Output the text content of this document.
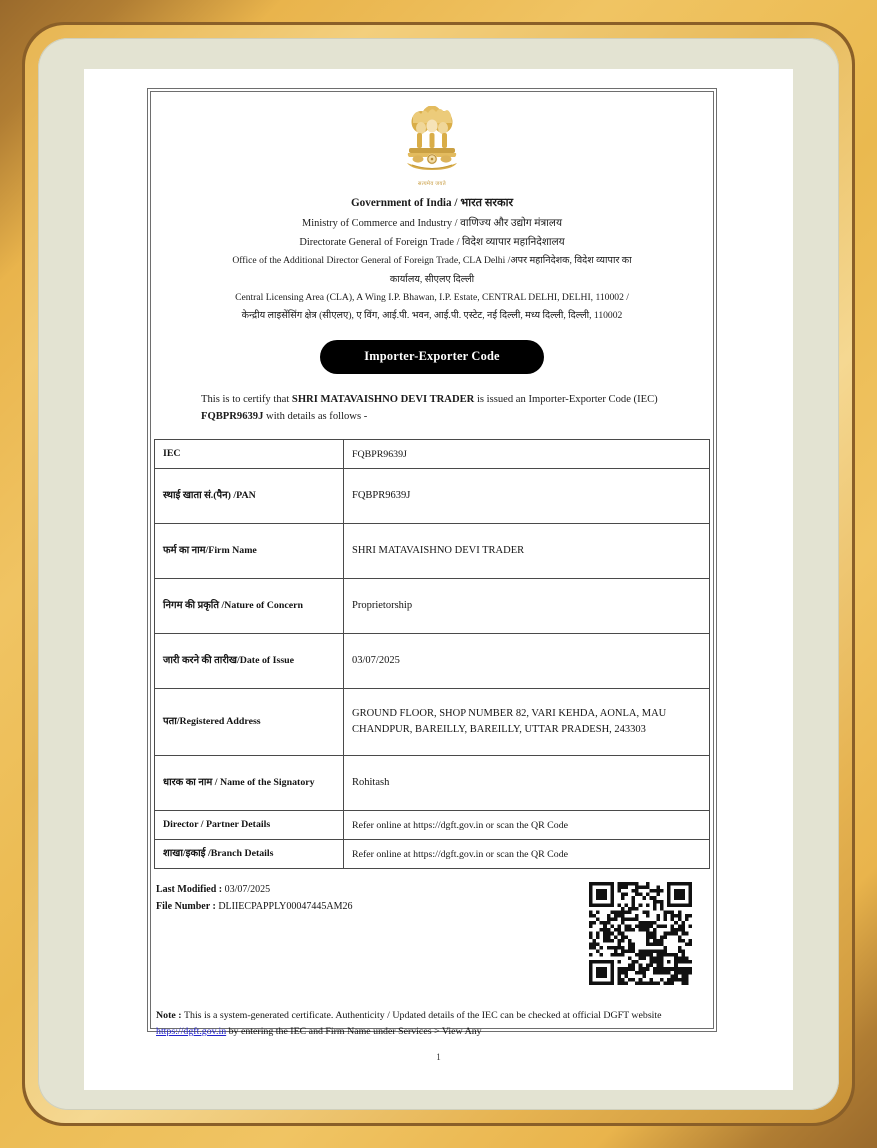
सत्यमेव जयते
Government of India / भारत सरकार
Ministry of Commerce and Industry / वाणिज्य और उद्योग मंत्रालय
Directorate General of Foreign Trade / विदेश व्यापार महानिदेशालय
Office of the Additional Director General of Foreign Trade, CLA Delhi /अपर महानिदेशक, विदेश व्यापार का
कार्यालय, सीएलए दिल्ली
Central Licensing Area (CLA), A Wing I.P. Bhawan, I.P. Estate, CENTRAL DELHI, DELHI, 110002 /
केन्द्रीय लाइसेंसिंग क्षेत्र (सीएलए), ए विंग, आई.पी. भवन, आई.पी. एस्टेट, नई दिल्ली, मध्य दिल्ली, दिल्ली, 110002
Importer-Exporter Code

This is to certify that SHRI MATAVAISHNO DEVI TRADER is issued an Importer-Exporter Code (IEC) FQBPR9639J with details as follows -

IEC	FQBPR9639J
स्थाई खाता सं.(पैन) /PAN	FQBPR9639J
फर्म का नाम/Firm Name	SHRI MATAVAISHNO DEVI TRADER
निगम की प्रकृति /Nature of Concern	Proprietorship
जारी करने की तारीख/Date of Issue	03/07/2025
पता/Registered Address	GROUND FLOOR, SHOP NUMBER 82, VARI KEHDA, AONLA, MAU CHANDPUR, BAREILLY, BAREILLY, UTTAR PRADESH, 243303
धारक का नाम / Name of the Signatory	Rohitash
Director / Partner Details	Refer online at https://dgft.gov.in or scan the QR Code
शाखा/इकाई /Branch Details	Refer online at https://dgft.gov.in or scan the QR Code
Last Modified : 03/07/2025
File Number : DLIIECPAPPLY00047445AM26

Note : This is a system-generated certificate. Authenticity / Updated details of the IEC can be checked at official DGFT website https://dgft.gov.in by entering the IEC and Firm Name under Services > View Any

1
